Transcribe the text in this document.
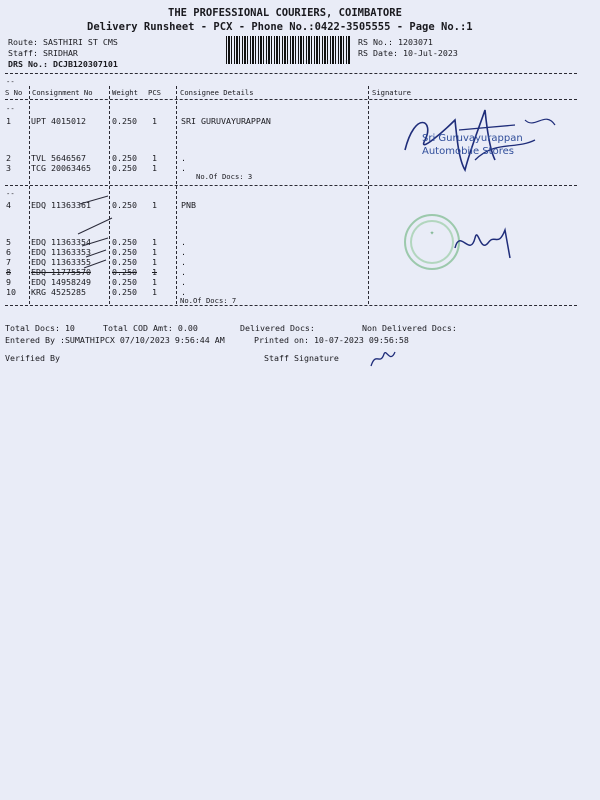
THE PROFESSIONAL COURIERS, COIMBATORE
Delivery Runsheet - PCX - Phone No.:0422-3505555 - Page No.:1
Route: SASTHIRI ST CMS
Staff: SRIDHAR
DRS No.: DCJB120307101
RS No.: 1203071
RS Date: 10-Jul-2023
--
S No Consignment No	Weight PCS	Consignee Details	Signature
--
1 UPT 4015012	0.250 1	SRI GURUVAYURAPPAN
2 TVL 5646567	0.250 1	.
3 TCG 20063465	0.250 1	.
No.Of Docs: 3
--
4 EDQ 11363361	0.250 1	PNB
5 EDQ 11363354	0.250 1	.
6 EDQ 11363353	0.250 1	.
7 EDQ 11363355	0.250 1	.
8 EDQ 11775570	0.250 1	.
9 EDQ 14958249	0.250 1	.
10 KRG 4525285	0.250 1	.
No.Of Docs: 7
Sri Guruvayurappan Automobile Stores
✦
Total Docs: 10	Total COD Amt: 0.00	Delivered Docs:	Non Delivered Docs:
Entered By :SUMATHIPCX 07/10/2023 9:56:44 AM	Printed on: 10-07-2023 09:56:58
Verified By	Staff Signature
